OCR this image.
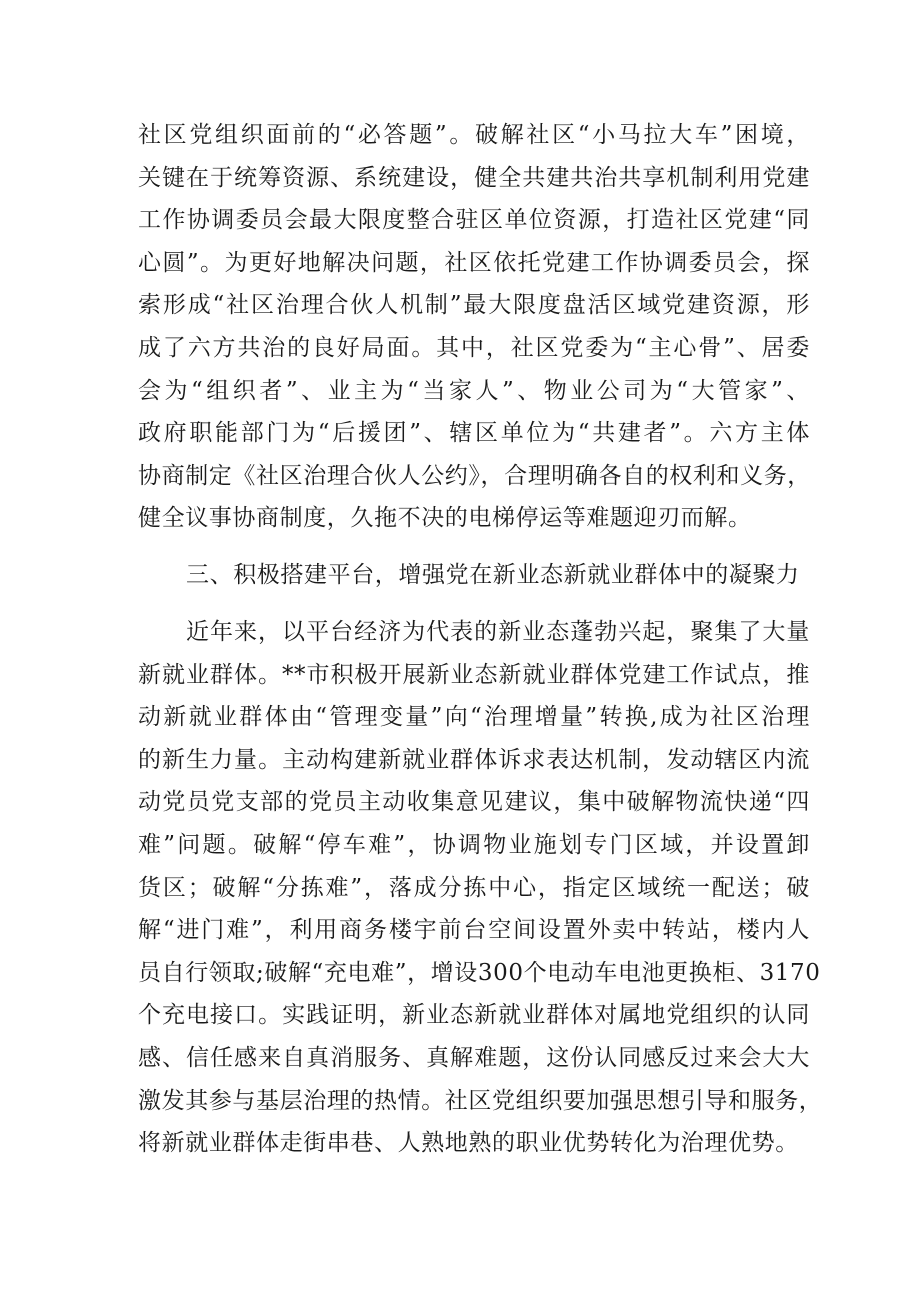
社区党组织面前的“必答题”。破解社区“小马拉大车”困境，
关键在于统筹资源、系统建设，健全共建共治共享机制利用党建
工作协调委员会最大限度整合驻区单位资源，打造社区党建“同
心圆”。为更好地解决问题，社区依托党建工作协调委员会，探
索形成“社区治理合伙人机制”最大限度盘活区域党建资源，形
成了六方共治的良好局面。其中，社区党委为“主心骨”、居委
会为“组织者”、业主为“当家人”、物业公司为“大管家”、
政府职能部门为“后援团”、辖区单位为“共建者”。六方主体
协商制定《社区治理合伙人公约》，合理明确各自的权利和义务，
健全议事协商制度，久拖不决的电梯停运等难题迎刃而解。
三、积极搭建平台，增强党在新业态新就业群体中的凝聚力
近年来，以平台经济为代表的新业态蓬勃兴起，聚集了大量
新就业群体。**市积极开展新业态新就业群体党建工作试点，推
动新就业群体由“管理变量”向“治理增量”转换,成为社区治理
的新生力量。主动构建新就业群体诉求表达机制，发动辖区内流
动党员党支部的党员主动收集意见建议，集中破解物流快递“四
难”问题。破解“停车难”，协调物业施划专门区域，并设置卸
货区；破解“分拣难”，落成分拣中心，指定区域统一配送；破
解“进门难”，利用商务楼宇前台空间设置外卖中转站，楼内人
员自行领取;破解“充电难”，增设300个电动车电池更换柜、3170
个充电接口。实践证明，新业态新就业群体对属地党组织的认同
感、信任感来自真消服务、真解难题，这份认同感反过来会大大
激发其参与基层治理的热情。社区党组织要加强思想引导和服务，
将新就业群体走街串巷、人熟地熟的职业优势转化为治理优势。
